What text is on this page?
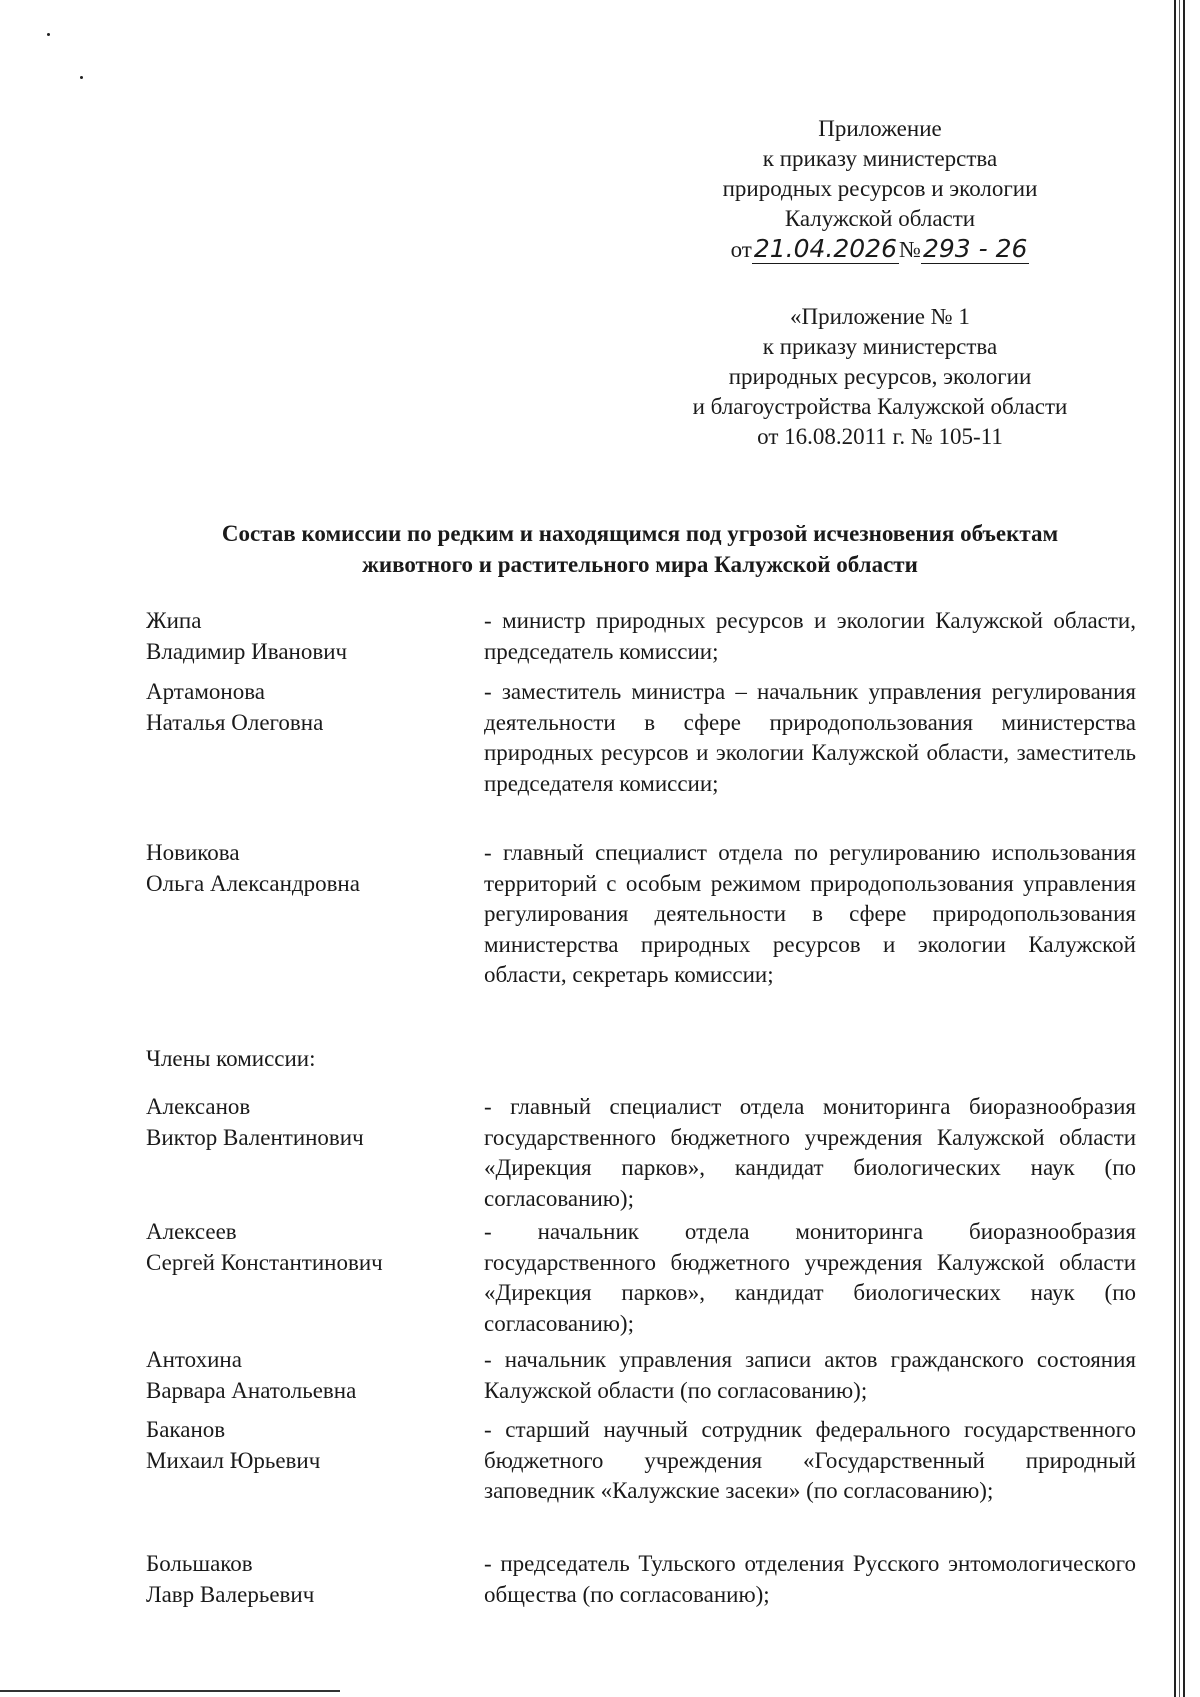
Приложение
к приказу министерства
природных ресурсов и экологии
Калужской области
от21.04.2026№293 - 26
«Приложение № 1
к приказу министерства
природных ресурсов, экологии
и благоустройства Калужской области
от 16.08.2011 г. № 105-11
Состав комиссии по редким и находящимся под угрозой исчезновения объектам
животного и растительного мира Калужской области
Жипа
Владимир Иванович
- министр природных ресурсов и экологии Калужской области, председатель комиссии;
Артамонова
Наталья Олеговна
- заместитель министра – начальник управления регулирования деятельности в сфере природопользования министерства природных ресурсов и экологии Калужской области, заместитель председателя комиссии;
Новикова
Ольга Александровна
- главный специалист отдела по регулированию использования территорий с особым режимом природопользования управления регулирования деятельности в сфере природопользования министерства природных ресурсов и экологии Калужской области, секретарь комиссии;
Члены комиссии:
Алексанов
Виктор Валентинович
- главный специалист отдела мониторинга биоразнообразия государственного бюджетного учреждения Калужской области «Дирекция парков», кандидат биологических наук (по согласованию);
Алексеев
Сергей Константинович
- начальник отдела мониторинга биоразнообразия государственного бюджетного учреждения Калужской области «Дирекция парков», кандидат биологических наук (по согласованию);
Антохина
Варвара Анатольевна
- начальник управления записи актов гражданского состояния Калужской области (по согласованию);
Баканов
Михаил Юрьевич
- старший научный сотрудник федерального государственного бюджетного учреждения «Государственный природный заповедник «Калужские засеки» (по согласованию);
Большаков
Лавр Валерьевич
- председатель Тульского отделения Русского энтомологического общества (по согласованию);
